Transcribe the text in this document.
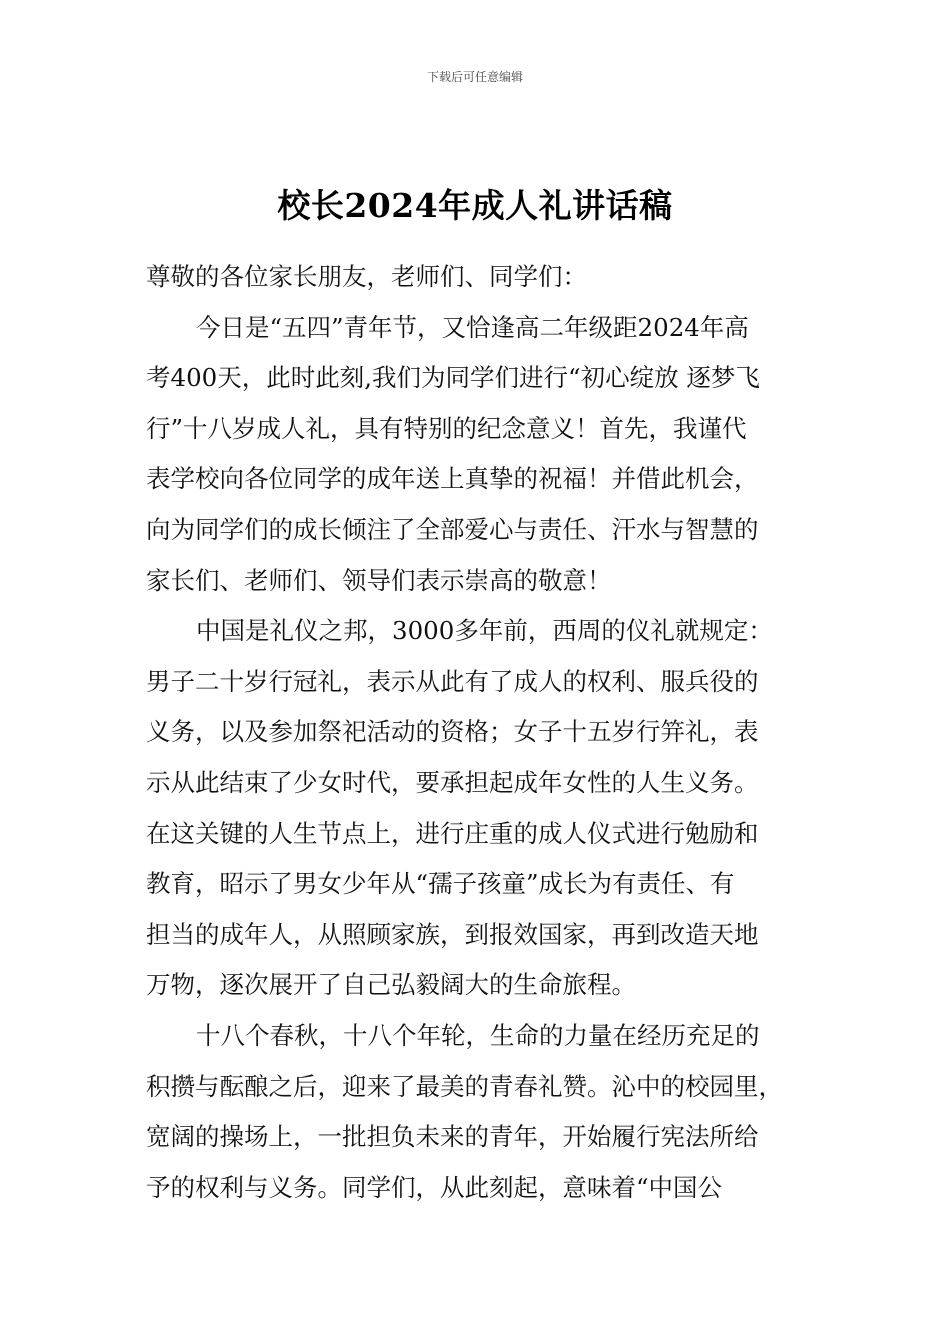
下载后可任意编辑
校长2024年成人礼讲话稿
尊敬的各位家长朋友，老师们、同学们：
今日是“五四”青年节，又恰逢高二年级距2024年高
考400天，此时此刻,我们为同学们进行“初心绽放 逐梦飞
行”十八岁成人礼，具有特别的纪念意义！首先，我谨代
表学校向各位同学的成年送上真挚的祝福！并借此机会，
向为同学们的成长倾注了全部爱心与责任、汗水与智慧的
家长们、老师们、领导们表示崇高的敬意！
中国是礼仪之邦，3000多年前，西周的仪礼就规定：
男子二十岁行冠礼，表示从此有了成人的权利、服兵役的
义务，以及参加祭祀活动的资格；女子十五岁行笄礼，表
示从此结束了少女时代，要承担起成年女性的人生义务。
在这关键的人生节点上，进行庄重的成人仪式进行勉励和
教育，昭示了男女少年从“孺子孩童”成长为有责任、有
担当的成年人，从照顾家族，到报效国家，再到改造天地
万物，逐次展开了自己弘毅阔大的生命旅程。
十八个春秋，十八个年轮，生命的力量在经历充足的
积攒与酝酿之后，迎来了最美的青春礼赞。沁中的校园里，
宽阔的操场上，一批担负未来的青年，开始履行宪法所给
予的权利与义务。同学们，从此刻起，意味着“中国公
